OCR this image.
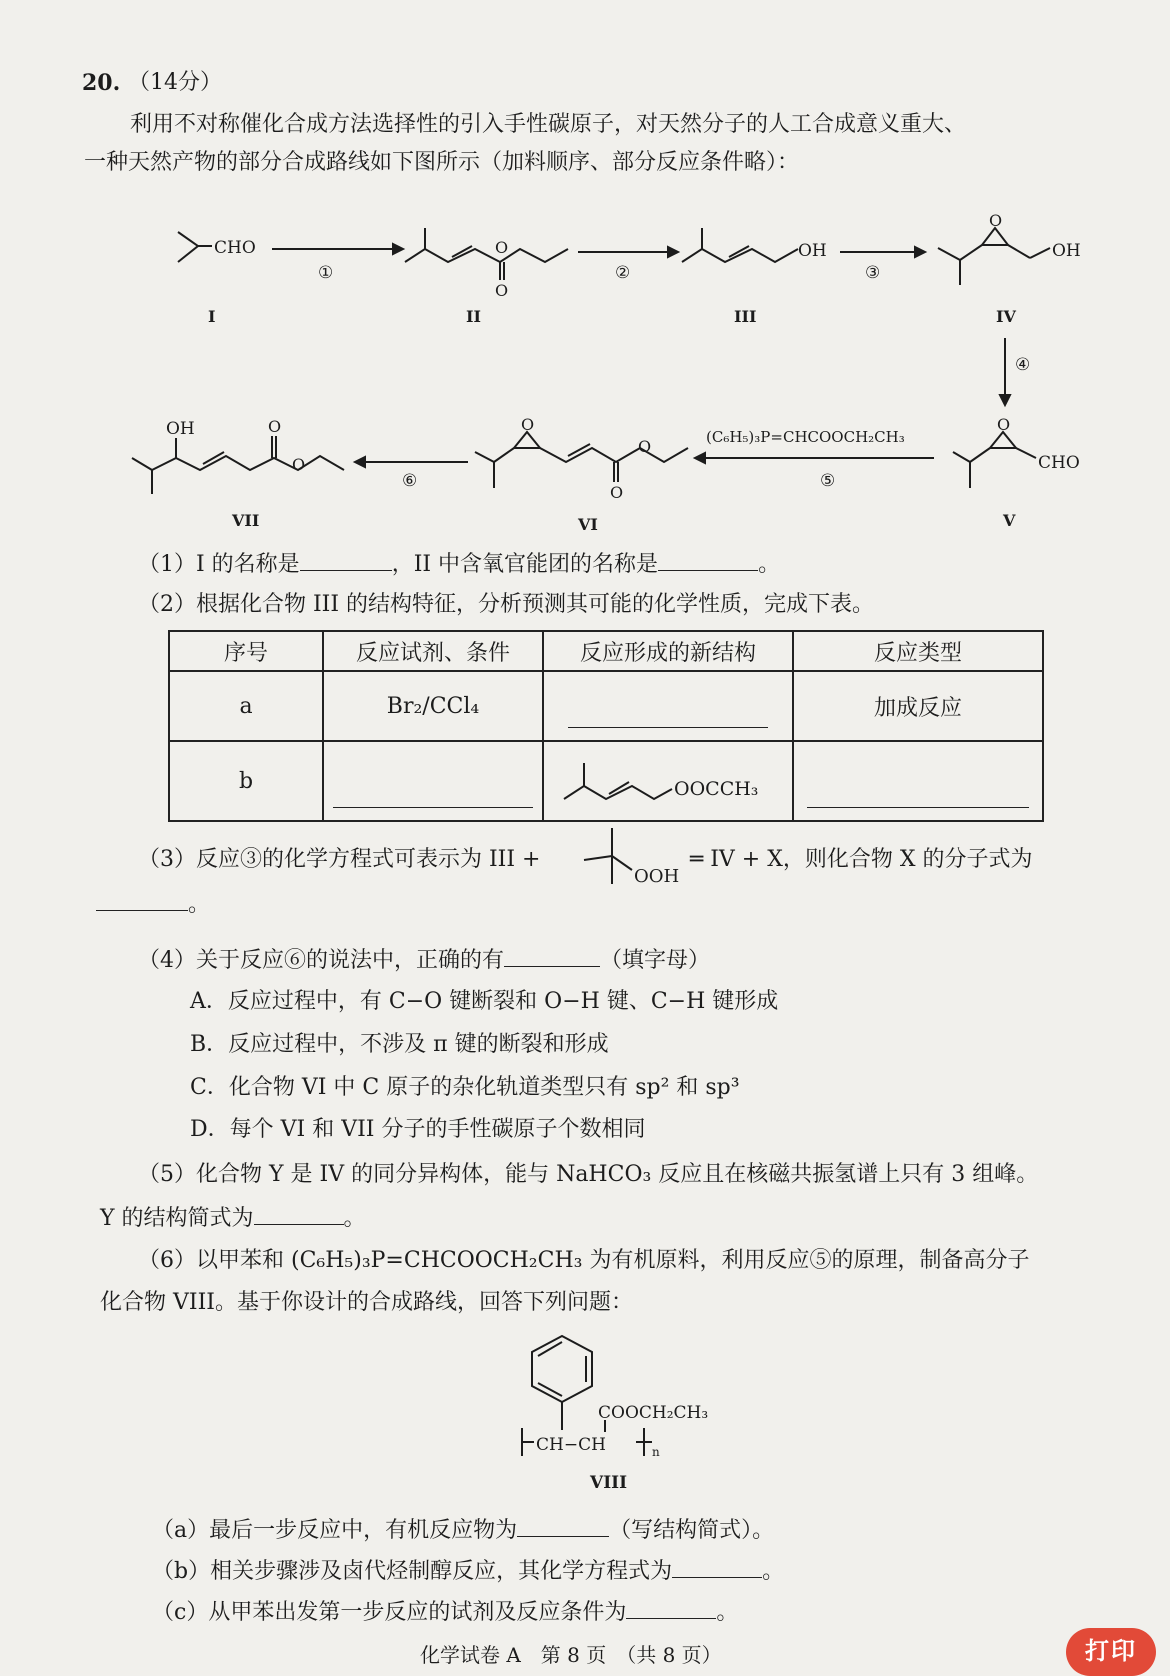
20. （14分）
利用不对称催化合成方法选择性的引入手性碳原子，对天然分子的人工合成意义重大、
一种天然产物的部分合成路线如下图所示（加料顺序、部分反应条件略）：
CHO	O
O
OH
O
OH
O
CHO
(C₆H₅)₃P=CHCOOCH₂CH₃
O
O
O
OH	O
O
I	II	III	IV
V
VI
VII
①	②	③
④
⑤
⑥
（1）I 的名称是	，II 中含氧官能团的名称是	。
（2）根据化合物 III 的结构特征，分析预测其可能的化学性质，完成下表。
序号	反应试剂、条件	反应形成的新结构	反应类型
a	Br₂/CCl₄		加成反应
b		OOCCH₃	

（3）反应③的化学方程式可表示为 III +
OOH
═ IV + X，则化合物 X 的分子式为
。
（4）关于反应⑥的说法中，正确的有	（填字母）
A．反应过程中，有 C−O 键断裂和 O−H 键、C−H 键形成
B．反应过程中，不涉及 π 键的断裂和形成
C．化合物 VI 中 C 原子的杂化轨道类型只有 sp² 和 sp³
D．每个 VI 和 VII 分子的手性碳原子个数相同
（5）化合物 Y 是 IV 的同分异构体，能与 NaHCO₃ 反应且在核磁共振氢谱上只有 3 组峰。
Y 的结构简式为	。
（6）以甲苯和 (C₆H₅)₃P=CHCOOCH₂CH₃ 为有机原料，利用反应⑤的原理，制备高分子
化合物 VIII。基于你设计的合成路线，回答下列问题：
COOCH₂CH₃
CH−CH	n
VIII
（a）最后一步反应中，有机反应物为	（写结构简式）。
（b）相关步骤涉及卤代烃制醇反应，其化学方程式为	。
（c）从甲苯出发第一步反应的试剂及反应条件为	。
化学试卷 A　第 8 页　（共 8 页）	打印
